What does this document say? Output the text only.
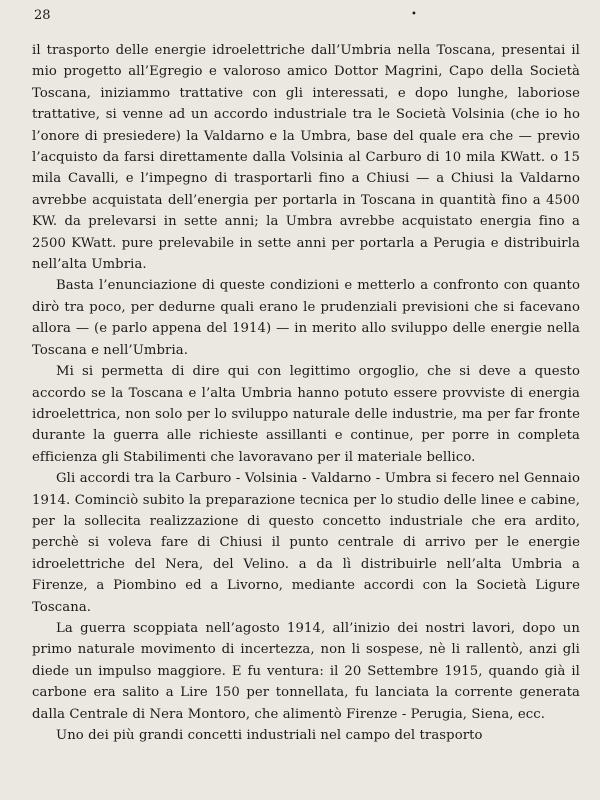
28	•

il trasporto delle energie idroelettriche dall’Umbria nella Toscana, presentai il mio progetto all’Egregio e valoroso amico Dottor Magrini, Capo della Società Toscana, iniziammo trattative con gli interessati, e dopo lunghe, laboriose trattative, si venne ad un accordo industriale tra le Società Volsinia (che io ho l’onore di presiedere) la Valdarno e la Umbra, base del quale era che — previo l’acquisto da farsi direttamente dalla Volsinia al Carburo di 10 mila KWatt. o 15 mila Cavalli, e l’impegno di trasportarli fino a Chiusi — a Chiusi la Valdarno avrebbe acquistata dell’energia per portarla in Toscana in quantità fino a 4500 KW. da prelevarsi in sette anni; la Umbra avrebbe acquistato energia fino a 2500 KWatt. pure prelevabile in sette anni per portarla a Perugia e distribuirla nell’alta Umbria.

Basta l’enunciazione di queste condizioni e metterlo a confronto con quanto dirò tra poco, per dedurne quali erano le prudenziali previsioni che si facevano allora — (e parlo appena del 1914) — in merito allo sviluppo delle energie nella Toscana e nell’Umbria.

Mi si permetta di dire qui con legittimo orgoglio, che si deve a questo accordo se la Toscana e l’alta Umbria hanno potuto essere provviste di energia idroelettrica, non solo per lo sviluppo naturale delle industrie, ma per far fronte durante la guerra alle richieste assillanti e continue, per porre in completa efficienza gli Stabilimenti che lavoravano per il materiale bellico.

Gli accordi tra la Carburo - Volsinia - Valdarno - Umbra si fecero nel Gennaio 1914. Cominciò subito la preparazione tecnica per lo studio delle linee e cabine, per la sollecita realizzazione di questo concetto industriale che era ardito, perchè si voleva fare di Chiusi il punto centrale di arrivo per le energie idroelettriche del Nera, del Velino. a da lì distribuirle nell’alta Umbria a Firenze, a Piombino ed a Livorno, mediante accordi con la Società Ligure Toscana.

La guerra scoppiata nell’agosto 1914, all’inizio dei nostri lavori, dopo un primo naturale movimento di incertezza, non li sospese, nè li rallentò, anzi gli diede un impulso maggiore. E fu ventura: il 20 Settembre 1915, quando già il carbone era salito a Lire 150 per tonnellata, fu lanciata la corrente generata dalla Centrale di Nera Montoro, che alimentò Firenze - Perugia, Siena, ecc.

Uno dei più grandi concetti industriali nel campo del trasporto
